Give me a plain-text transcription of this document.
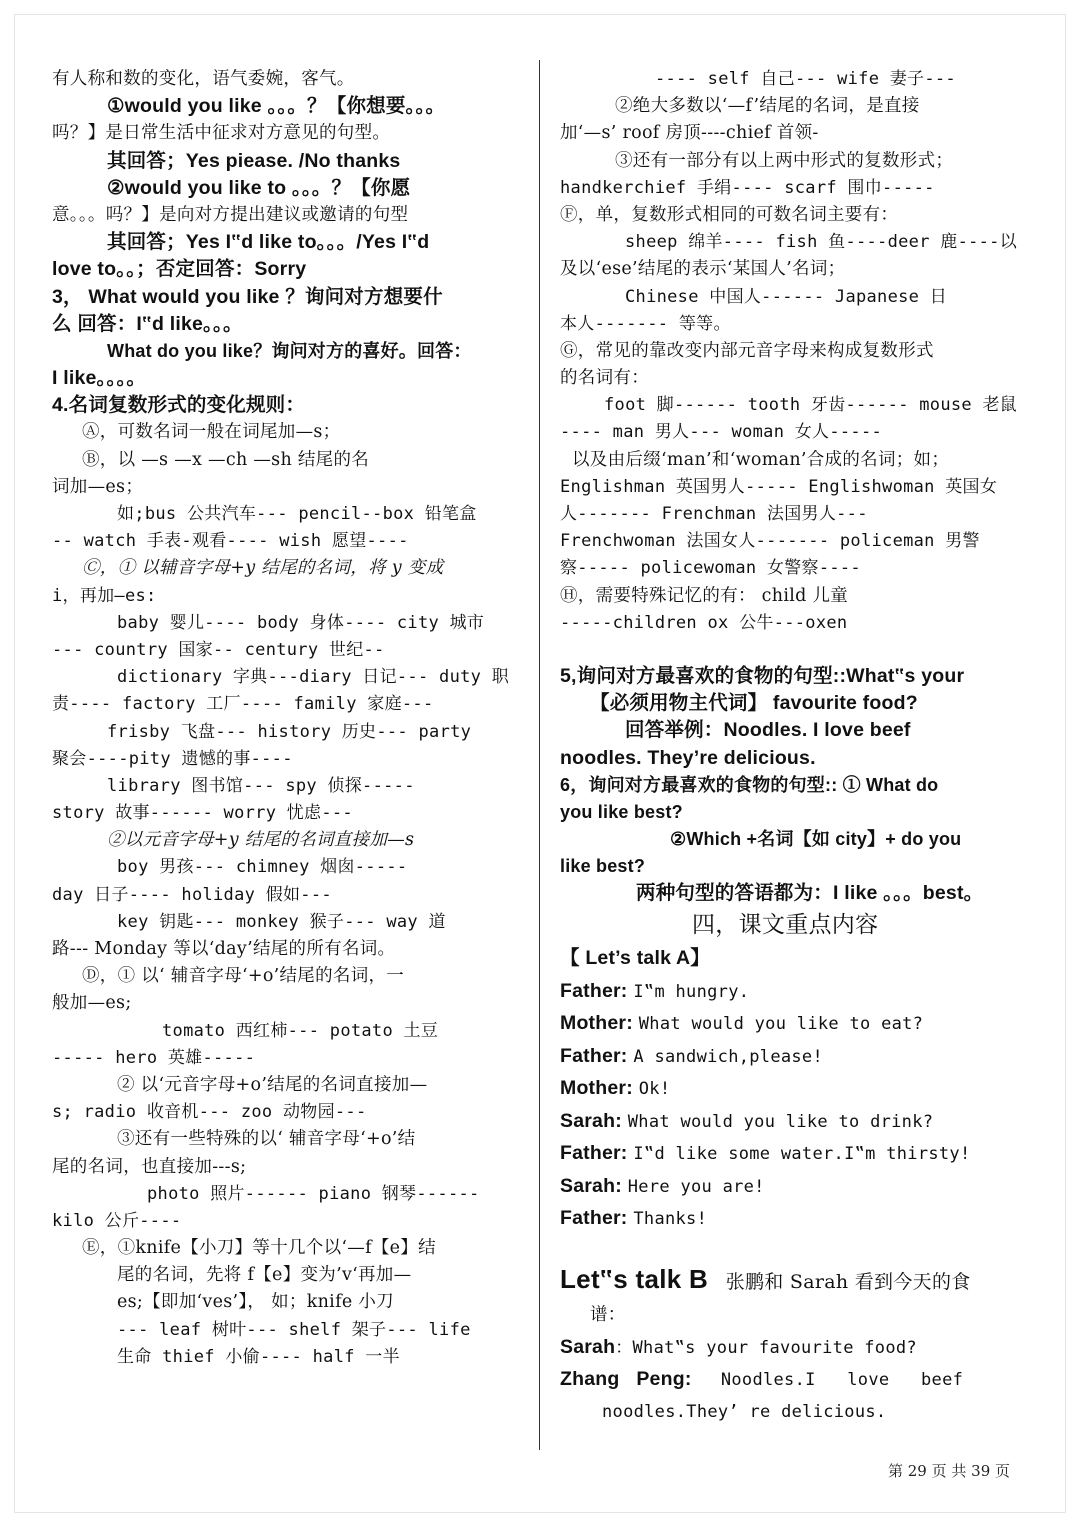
有人称和数的变化，语气委婉，客气。
①would you like 。。。？【你想要。。。
吗？】是日常生活中征求对方意见的句型。
其回答；Yes piease. /No thanks
②would you like to 。。。？【你愿
意。。。吗？】是向对方提出建议或邀请的句型
其回答；Yes I‟d like to。。。/Yes I‟d
love to。。；否定回答：Sorry
3， What would you like ？询问对方想要什
么 回答：I‟d like。。。
What do you like？询问对方的喜好。回答：
I like。。。。
4.名词复数形式的变化规则：
Ⓐ，可数名词一般在词尾加—s；
Ⓑ，以 —s —x —ch —sh 结尾的名
词加—es；
如;bus 公共汽车--- pencil--box 铅笔盒
-- watch 手表-观看---- wish 愿望----
Ⓒ，① 以辅音字母+y 结尾的名词，将 y 变成
i，再加—es:
baby 婴儿---- body 身体---- city 城市
--- country 国家-- century 世纪--
dictionary 字典---diary 日记--- duty 职
责---- factory 工厂---- family 家庭---
frisby 飞盘--- history 历史--- party
聚会----pity 遗憾的事----
library 图书馆--- spy 侦探-----
story 故事------ worry 忧虑---
②以元音字母+y 结尾的名词直接加—s
boy 男孩--- chimney 烟囱-----
day 日子---- holiday 假如---
key 钥匙--- monkey 猴子--- way 道
路--- Monday 等以‘day’结尾的所有名词。
Ⓓ，① 以‘ 辅音字母‘+o’结尾的名词，一
般加—es;
tomato 西红柿--- potato 土豆
----- hero 英雄-----
② 以‘元音字母+o’结尾的名词直接加—
s; radio 收音机--- zoo 动物园---
③还有一些特殊的以‘ 辅音字母‘+o’结
尾的名词，也直接加---s;
photo 照片------ piano 钢琴------
kilo 公斤----
Ⓔ，①knife【小刀】等十几个以‘—f【e】结
尾的名词，先将 f【e】变为’v‘再加—
es;【即加‘ves’】， 如；knife 小刀
--- leaf 树叶--- shelf 架子--- life
生命 thief 小偷---- half 一半
---- self 自己--- wife 妻子---
②绝大多数以‘—f’结尾的名词，是直接
加‘—s’ roof 房顶----chief 首领-
③还有一部分有以上两中形式的复数形式；
handkerchief 手绢---- scarf 围巾-----
Ⓕ，单，复数形式相同的可数名词主要有：
sheep 绵羊---- fish 鱼----deer 鹿----以
及以‘ese’结尾的表示‘某国人’名词；
Chinese 中国人------ Japanese 日
本人------- 等等。
Ⓖ，常见的靠改变内部元音字母来构成复数形式
的名词有：
foot 脚------ tooth 牙齿------ mouse 老鼠
---- man 男人--- woman 女人-----
以及由后缀‘man’和‘woman’合成的名词；如；
Englishman 英国男人----- Englishwoman 英国女
人------- Frenchman 法国男人---
Frenchwoman 法国女人------- policeman 男警
察----- policewoman 女警察----
Ⓗ，需要特殊记忆的有： child 儿童
-----children ox 公牛---oxen
5,询问对方最喜欢的食物的句型::What‟s your
【必须用物主代词】 favourite food?
回答举例：Noodles. I love beef
noodles. They’re delicious.
6，询问对方最喜欢的食物的句型:: ① What do
you like best?
②Which +名词【如 city】+ do you
like best?
两种句型的答语都为：I like 。。。best。
四，课文重点内容
【 Let’s talk A】
Father: I‟m hungry.
Mother: What would you like to eat?
Father: A sandwich,please!
Mother: Ok!
Sarah: What would you like to drink?
Father: I‟d like some water.I‟m thirsty!
Sarah: Here you are!
Father: Thanks!
Let‟s talk B 张鹏和 Sarah 看到今天的食
谱：
Sarah：What‟s your favourite food?
Zhang   Peng: Noodles.I   love   beef
noodles.They’ re delicious.
第 29 页 共 39 页
